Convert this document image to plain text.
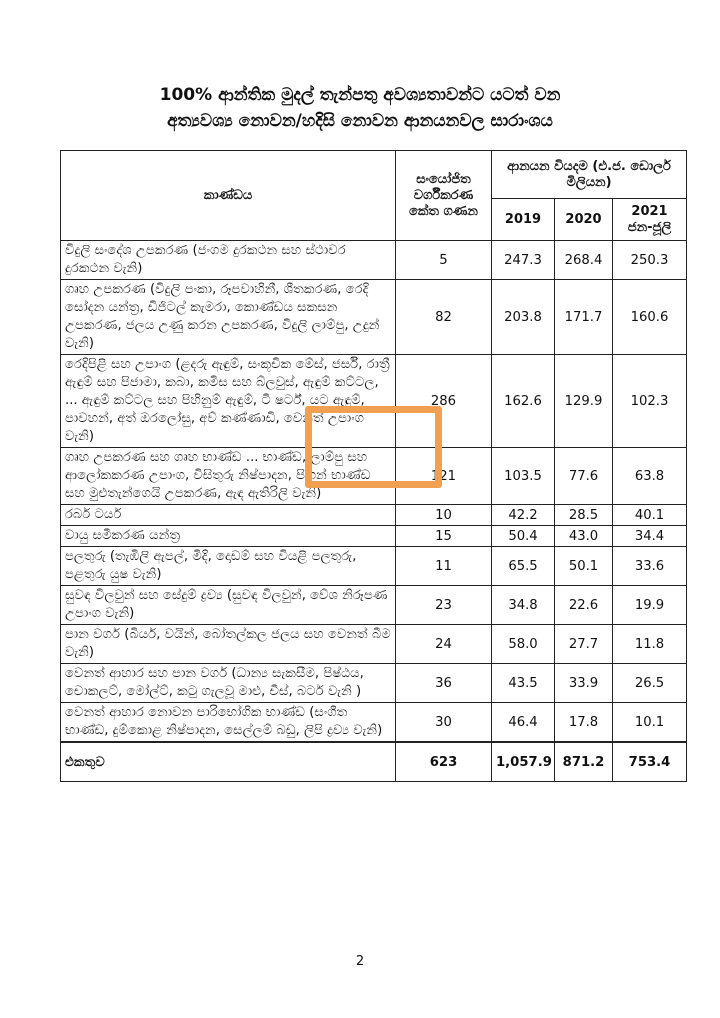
100% ආන්තික මුදල් තැන්පතු අවශ්‍යතාවන්ට යටත් වන
අත්‍යවශ්‍ය නොවන/හදිසි නොවන ආනයනවල සාරාංශය
කාණ්ඩය	සංයෝජිත වර්ගීකරණ කේත ගණන	ආනයන වියදම (එ.ජ. ඩොලර් මිලියන)		
		2019	2020	2021 ජන-ජූලි
විදුලි සංදේශ උපකරණ (ජංගම දුරකථන සහ ස්ථාවර දුරකථන වැනි)	5	247.3	268.4	250.3
ගෘහ උපකරණ (විදුලි පංකා, රූපවාහිනී, ශීතකරණ, රෙදි සෝදන යන්ත්‍ර, ඩිජිටල් කැමරා, කොණ්ඩය සකසන උපකරණ, ජලය උණු කරන උපකරණ, විදුලි ලාම්පු, උදුන් වැනි)	82	203.8	171.7	160.6
රෙදිපිළි සහ උපාංග (ළදරු ඇඳුම්, සංකූචික මේස්, ජර්සි, රාත්‍රී ඇඳුම් සහ පිජාමා, කබා, කමිස සහ බ්ලවුස්, ඇඳුම් කට්ටල, ... ඇඳුම් කට්ටල සහ පිහිනුම් ඇඳුම්, ටී ෂර්ට්, යට ඇඳුම්, පාවහන්, අත් ඔරලෝසු, අව් කණ්ණාඩි, වෙනත් උපාංග වැනි)	286	162.6	129.9	102.3
ගෘහ උපකරණ සහ ගෘහ භාණ්ඩ ... භාණ්ඩ, ලාම්පු සහ ආලෝකකරණ උපාංග, විසිතුරු නිෂ්පාදන, පිඟන් භාණ්ඩ සහ මුළුතැන්ගෙයි උපකරණ, ඇඳ ඇතිරිලි වැනි)	121	103.5	77.6	63.8
රබර් ටයර්	10	42.2	28.5	40.1
වායු සමීකරණ යන්ත්‍ර	15	50.4	43.0	34.4
පලතුරු (තැඹිලි ඇපල්, මිදි, දොඩම් සහ වියළි පලතුරු, පළතුරු යුෂ වැනි)	11	65.5	50.1	33.6
සුවඳ විලවුන් සහ සේදුම් ද්‍රව්‍ය (සුවඳ විලවුන්, වේශ නිරූපණ උපාංග වැනි)	23	34.8	22.6	19.9
පාන වර්ග (බියර්, වයින්, බෝතල්කල ජලය සහ වෙනත් බීම වැනි)	24	58.0	27.7	11.8
වෙනත් ආහාර සහ පාන වර්ග (ධාන්‍ය සැකසීම, පිෂ්ඨය, චොකලට්, මෝල්ට්, කටු ගැලවූ මාළු, චීස්, බටර් වැනි )	36	43.5	33.9	26.5
වෙනත් ආහාර නොවන පාරිභෝගික භාණ්ඩ (සංගීත භාණ්ඩ, දුම්කොළ නිෂ්පාදන, සෙල්ලම් බඩු, ලිපි ද්‍රව්‍ය වැනි)	30	46.4	17.8	10.1
එකතුව	623	1,057.9	871.2	753.4
2
